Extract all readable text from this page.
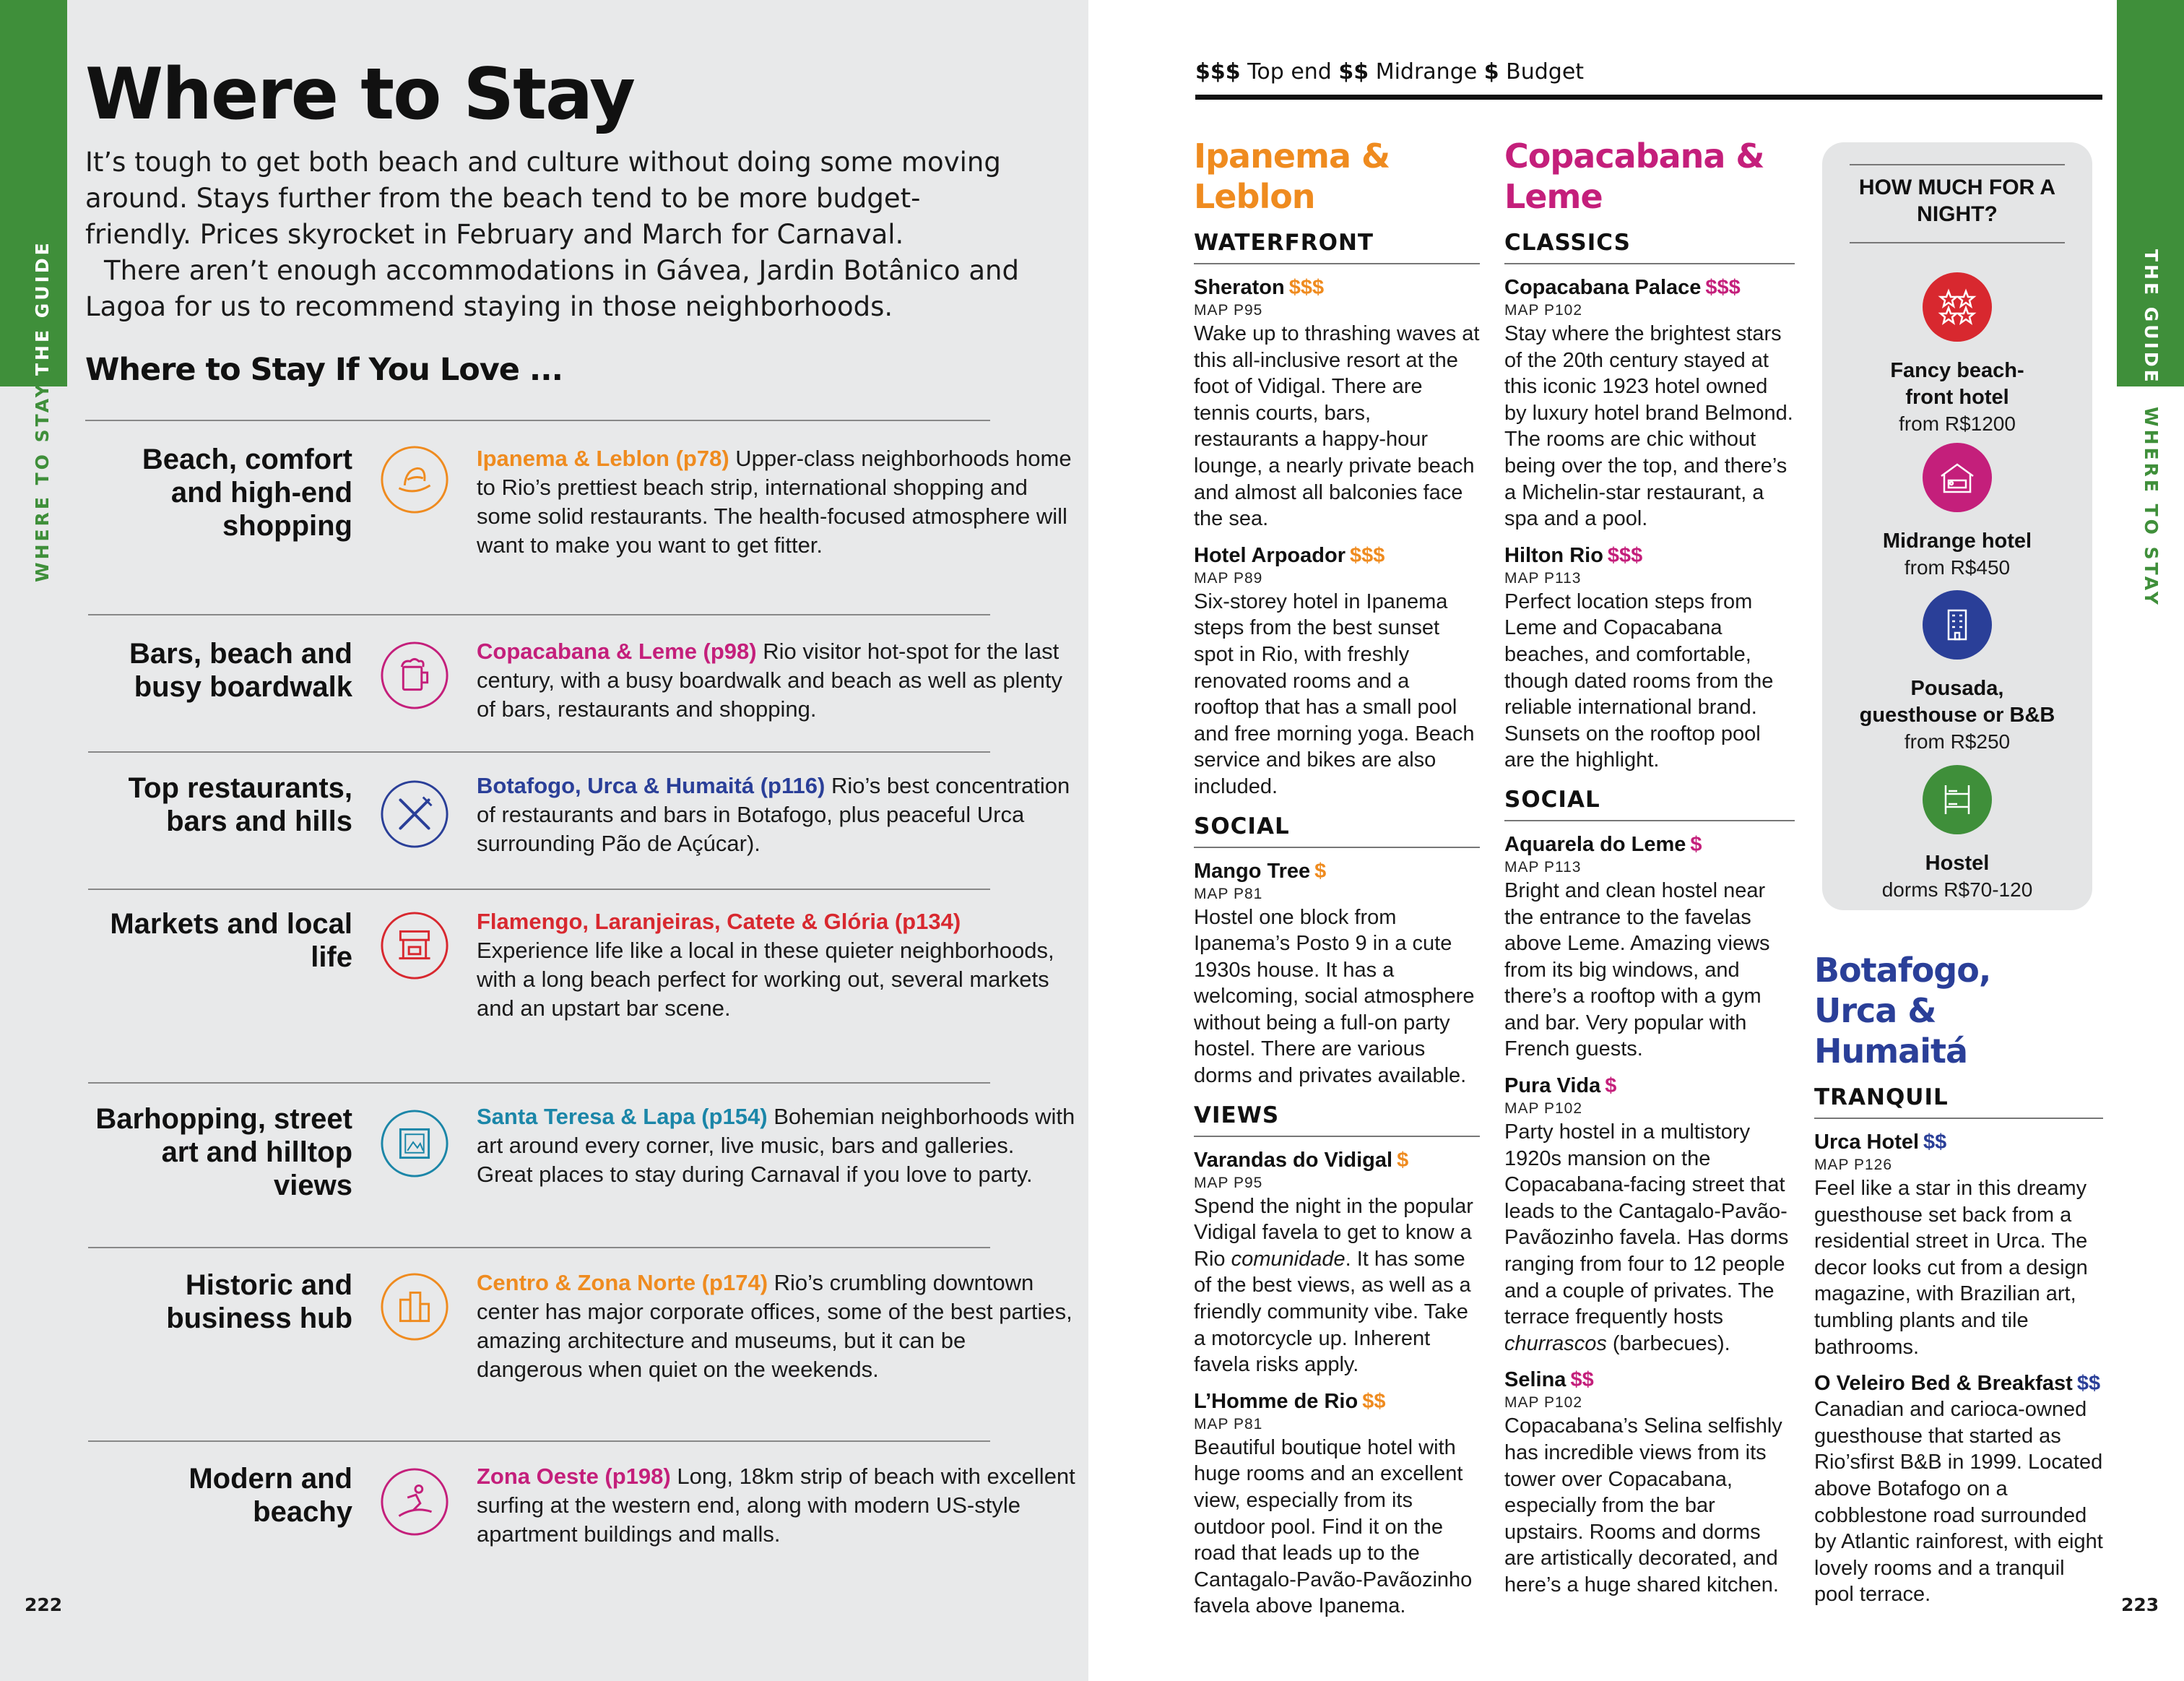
THE GUIDE
WHERE TO STAY
222
Where to Stay

It’s tough to get both beach and culture without doing some moving around. Stays further from the beach tend to be more budget-friendly. Prices skyrocket in February and March for Carnaval.

There aren’t enough accommodations in Gávea, Jardin Botânico and Lagoa for us to recommend staying in those neighborhoods.

Where to Stay If You Love ...
Beach, comfort and high-end shopping
Ipanema & Leblon (p78) Upper-class neighborhoods home to Rio’s prettiest beach strip, international shopping and some solid restaurants. The health-focused atmosphere will want to make you want to get fitter.
Bars, beach and busy boardwalk
Copacabana & Leme (p98) Rio visitor hot-spot for the last century, with a busy boardwalk and beach as well as plenty of bars, restaurants and shopping.
Top restaurants, bars and hills
Botafogo, Urca & Humaitá (p116) Rio’s best concentration of restaurants and bars in Botafogo, plus peaceful Urca surrounding Pão de Açúcar).
Markets and local life
Flamengo, Laranjeiras, Catete & Glória (p134) Experience life like a local in these quieter neighborhoods, with a long beach perfect for working out, several markets and an upstart bar scene.
Barhopping, street art and hilltop views
Santa Teresa & Lapa (p154) Bohemian neighborhoods with art around every corner, live music, bars and galleries. Great places to stay during Carnaval if you love to party.
Historic and business hub
Centro & Zona Norte (p174) Rio’s crumbling downtown center has major corporate offices, some of the best parties, amazing architecture and museums, but it can be dangerous when quiet on the weekends.
Modern and beachy
Zona Oeste (p198) Long, 18km strip of beach with excellent surfing at the western end, along with modern US-style apartment buildings and malls.
THE GUIDE
WHERE TO STAY
223
$$$ Top end $$ Midrange $ Budget
Ipanema & Leblon
WATERFRONT
Sheraton $$$
MAP P95
Wake up to thrashing waves at this all-inclusive resort at the foot of Vidigal. There are tennis courts, bars, restaurants a happy-hour lounge, a nearly private beach and almost all balconies face the sea.
Hotel Arpoador $$$
MAP P89
Six-storey hotel in Ipanema steps from the best sunset spot in Rio, with freshly renovated rooms and a rooftop that has a small pool and free morning yoga. Beach service and bikes are also included.
SOCIAL
Mango Tree $
MAP P81
Hostel one block from Ipanema’s Posto 9 in a cute 1930s house. It has a welcoming, social atmosphere without being a full-on party hostel. There are various dorms and privates available.
VIEWS
Varandas do Vidigal $
MAP P95
Spend the night in the popular Vidigal favela to get to know a Rio comunidade. It has some of the best views, as well as a friendly community vibe. Take a motorcycle up. Inherent favela risks apply.
L’Homme de Rio $$
MAP P81
Beautiful boutique hotel with huge rooms and an excellent view, especially from its outdoor pool. Find it on the road that leads up to the Cantagalo-Pavão-Pavãozinho favela above Ipanema.
Copacabana & Leme
CLASSICS
Copacabana Palace $$$
MAP P102
Stay where the brightest stars of the 20th century stayed at this iconic 1923 hotel owned by luxury hotel brand Belmond. The rooms are chic without being over the top, and there’s a Michelin-star restaurant, a spa and a pool.
Hilton Rio $$$
MAP P113
Perfect location steps from Leme and Copacabana beaches, and comfortable, though dated rooms from the reliable international brand. Sunsets on the rooftop pool are the highlight.
SOCIAL
Aquarela do Leme $
MAP P113
Bright and clean hostel near the entrance to the favelas above Leme. Amazing views from its big windows, and there’s a rooftop with a gym and bar. Very popular with French guests.
Pura Vida $
MAP P102
Party hostel in a multistory 1920s mansion on the Copacabana-facing street that leads to the Cantagalo-Pavão-Pavãozinho favela. Has dorms ranging from four to 12 people and a couple of privates. The terrace frequently hosts churrascos (barbecues).
Selina $$
MAP P102
Copacabana’s Selina selfishly has incredible views from its tower over Copacabana, especially from the bar upstairs. Rooms and dorms are artistically decorated, and here’s a huge shared kitchen.
HOW MUCH FOR A NIGHT?
Fancy beach-front hotel
from R$1200
Midrange hotel
from R$450
Pousada, guesthouse or B&B
from R$250
Hostel
dorms R$70-120
Botafogo, Urca & Humaitá
TRANQUIL
Urca Hotel $$
MAP P126
Feel like a star in this dreamy guesthouse set back from a residential street in Urca. The decor looks cut from a design magazine, with Brazilian art, tumbling plants and tile bathrooms.
O Veleiro Bed & Breakfast $$
Canadian and carioca-owned guesthouse that started as Rio’sfirst B&B in 1999. Located above Botafogo on a cobblestone road surrounded by Atlantic rainforest, with eight lovely rooms and a tranquil pool terrace.
